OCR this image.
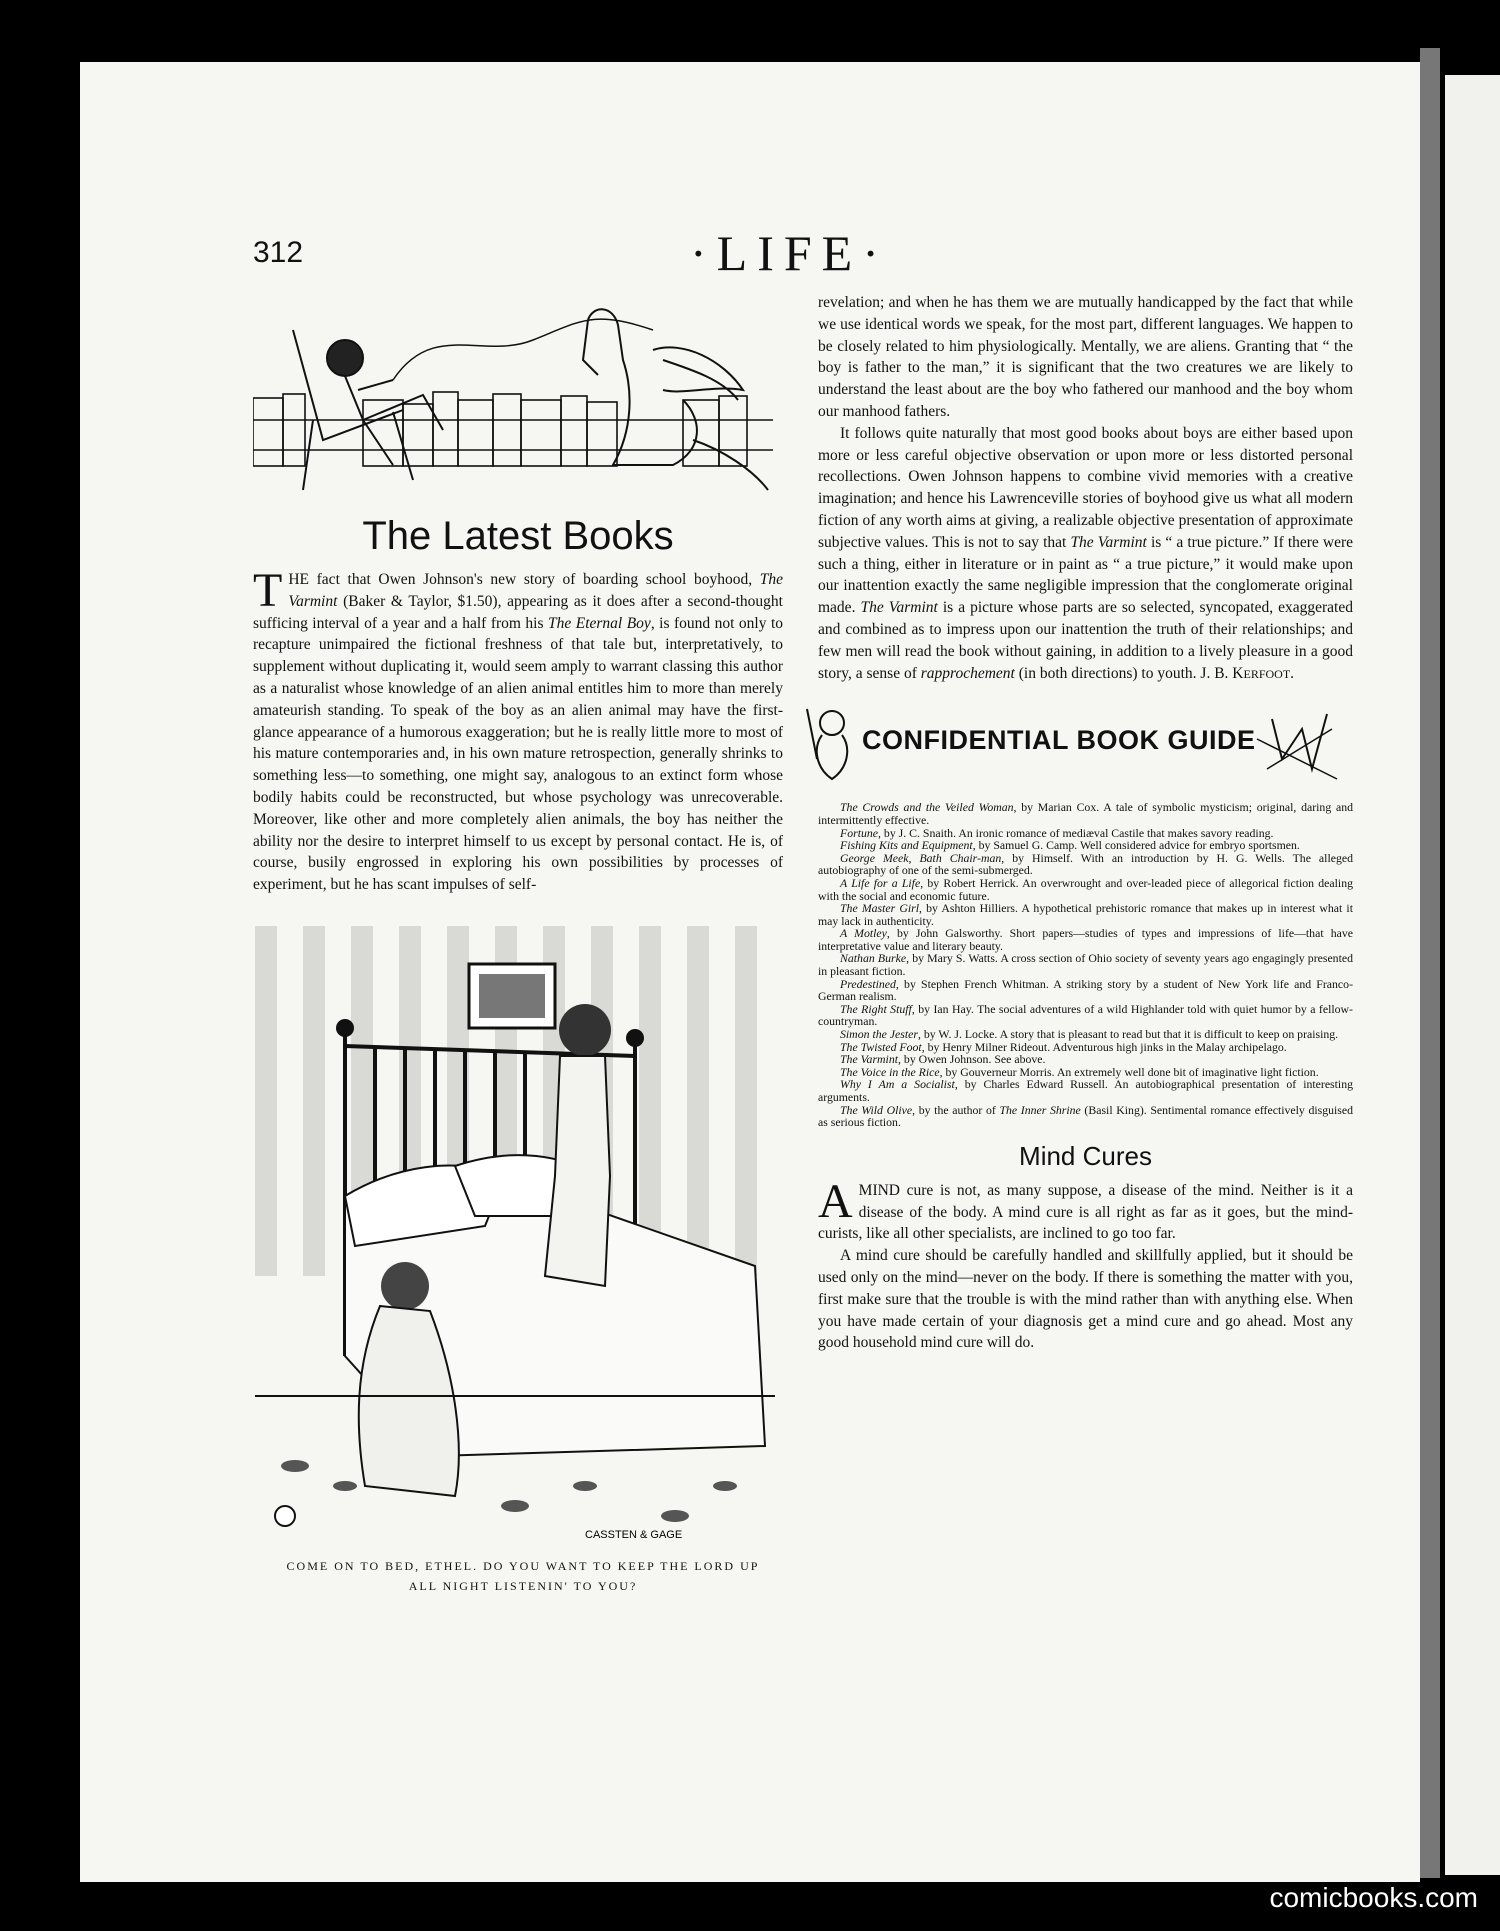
312	·LIFE·
The Latest Books

THE fact that Owen Johnson's new story of boarding school boyhood, The Varmint (Baker & Taylor, $1.50), appearing as it does after a second-thought sufficing interval of a year and a half from his The Eternal Boy, is found not only to recapture unimpaired the fictional freshness of that tale but, interpretatively, to supplement without duplicating it, would seem amply to warrant classing this author as a naturalist whose knowledge of an alien animal entitles him to more than merely amateurish standing. To speak of the boy as an alien animal may have the first-glance appearance of a humorous exaggeration; but he is really little more to most of his mature contemporaries and, in his own mature retrospection, generally shrinks to something less—to something, one might say, analogous to an extinct form whose bodily habits could be reconstructed, but whose psychology was unrecoverable. Moreover, like other and more completely alien animals, the boy has neither the ability nor the desire to interpret himself to us except by personal contact. He is, of course, busily engrossed in exploring his own possibilities by processes of experiment, but he has scant impulses of self-

CASSTEN & GAGE
COME ON TO BED, ETHEL. DO YOU WANT TO KEEP THE LORD UP
ALL NIGHT LISTENIN' TO YOU?

revelation; and when he has them we are mutually handicapped by the fact that while we use identical words we speak, for the most part, different languages. We happen to be closely related to him physiologically. Mentally, we are aliens. Granting that “ the boy is father to the man,” it is significant that the two creatures we are likely to understand the least about are the boy who fathered our manhood and the boy whom our manhood fathers.

It follows quite naturally that most good books about boys are either based upon more or less careful objective observation or upon more or less distorted personal recollections. Owen Johnson happens to combine vivid memories with a creative imagination; and hence his Lawrenceville stories of boyhood give us what all modern fiction of any worth aims at giving, a realizable objective presentation of approximate subjective values. This is not to say that The Varmint is “ a true picture.” If there were such a thing, either in literature or in paint as “ a true picture,” it would make upon our inattention exactly the same negligible impression that the conglomerate original made. The Varmint is a picture whose parts are so selected, syncopated, exaggerated and combined as to impress upon our inattention the truth of their relationships; and few men will read the book without gaining, in addition to a lively pleasure in a good story, a sense of rapprochement (in both directions) to youth. J. B. KERFOOT.

CONFIDENTIAL BOOK GUIDE

The Crowds and the Veiled Woman, by Marian Cox. A tale of symbolic mysticism; original, daring and intermittently effective.

Fortune, by J. C. Snaith. An ironic romance of mediæval Castile that makes savory reading.

Fishing Kits and Equipment, by Samuel G. Camp. Well considered advice for embryo sportsmen.

George Meek, Bath Chair-man, by Himself. With an introduction by H. G. Wells. The alleged autobiography of one of the semi-submerged.

A Life for a Life, by Robert Herrick. An overwrought and over-leaded piece of allegorical fiction dealing with the social and economic future.

The Master Girl, by Ashton Hilliers. A hypothetical prehistoric romance that makes up in interest what it may lack in authenticity.

A Motley, by John Galsworthy. Short papers—studies of types and impressions of life—that have interpretative value and literary beauty.

Nathan Burke, by Mary S. Watts. A cross section of Ohio society of seventy years ago engagingly presented in pleasant fiction.

Predestined, by Stephen French Whitman. A striking story by a student of New York life and Franco-German realism.

The Right Stuff, by Ian Hay. The social adventures of a wild Highlander told with quiet humor by a fellow-countryman.

Simon the Jester, by W. J. Locke. A story that is pleasant to read but that it is difficult to keep on praising.

The Twisted Foot, by Henry Milner Rideout. Adventurous high jinks in the Malay archipelago.

The Varmint, by Owen Johnson. See above.

The Voice in the Rice, by Gouverneur Morris. An extremely well done bit of imaginative light fiction.

Why I Am a Socialist, by Charles Edward Russell. An autobiographical presentation of interesting arguments.

The Wild Olive, by the author of The Inner Shrine (Basil King). Sentimental romance effectively disguised as serious fiction.

Mind Cures

AMIND cure is not, as many suppose, a disease of the mind. Neither is it a disease of the body. A mind cure is all right as far as it goes, but the mind-curists, like all other specialists, are inclined to go too far.

A mind cure should be carefully handled and skillfully applied, but it should be used only on the mind—never on the body. If there is something the matter with you, first make sure that the trouble is with the mind rather than with anything else. When you have made certain of your diagnosis get a mind cure and go ahead. Most any good household mind cure will do.

comicbooks.com
